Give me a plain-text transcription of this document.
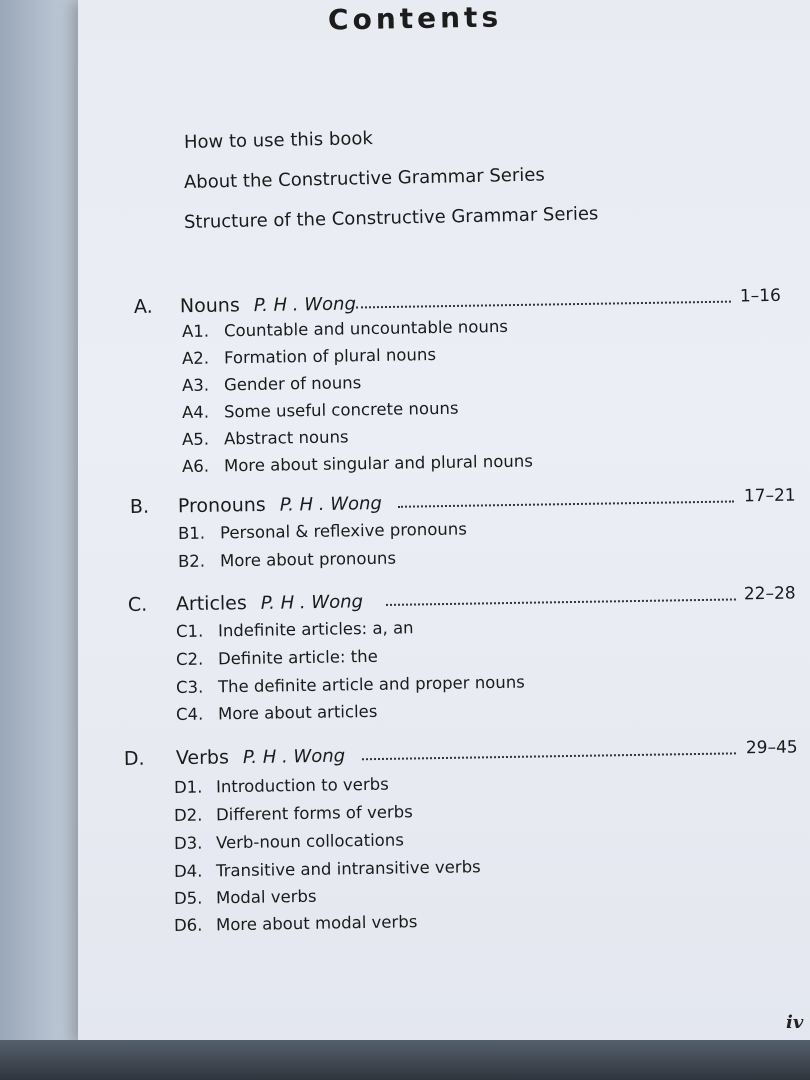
Contents
How to use this book
About the Constructive Grammar Series
Structure of the Constructive Grammar Series
A. Nouns P. H . Wong	1–16
A1. Countable and uncountable nouns
A2. Formation of plural nouns
A3. Gender of nouns
A4. Some useful concrete nouns
A5. Abstract nouns
A6. More about singular and plural nouns
B. Pronouns P. H . Wong	17–21
B1. Personal & reflexive pronouns
B2. More about pronouns
C. Articles P. H . Wong	22–28
C1. Indefinite articles: a, an
C2. Definite article: the
C3. The definite article and proper nouns
C4. More about articles
D. Verbs P. H . Wong	29–45
D1. Introduction to verbs
D2. Different forms of verbs
D3. Verb-noun collocations
D4. Transitive and intransitive verbs
D5. Modal verbs
D6. More about modal verbs
iv
